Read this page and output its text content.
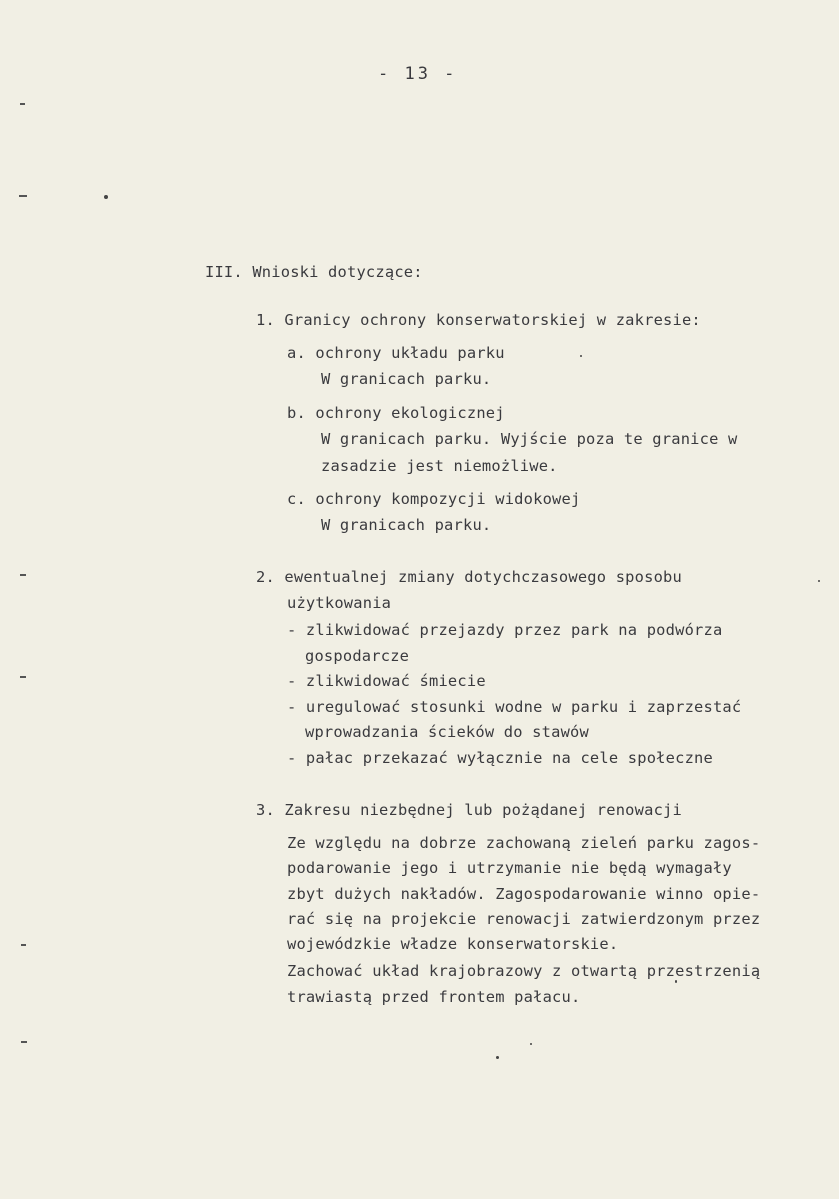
- 13 -
III. Wnioski dotyczące:
1. Granicy ochrony konserwatorskiej w zakresie:
a. ochrony układu parku
W granicach parku.
b. ochrony ekologicznej
W granicach parku. Wyjście poza te granice w
zasadzie jest niemożliwe.
c. ochrony kompozycji widokowej
W granicach parku.
2. ewentualnej zmiany dotychczasowego sposobu
użytkowania
- zlikwidować przejazdy przez park na podwórza
gospodarcze
- zlikwidować śmiecie
- uregulować stosunki wodne w parku i zaprzestać
wprowadzania ścieków do stawów
- pałac przekazać wyłącznie na cele społeczne
3. Zakresu niezbędnej lub pożądanej renowacji
Ze względu na dobrze zachowaną zieleń parku zagos-
podarowanie jego i utrzymanie nie będą wymagały
zbyt dużych nakładów. Zagospodarowanie winno opie-
rać się na projekcie renowacji zatwierdzonym przez
wojewódzkie władze konserwatorskie.
Zachować układ krajobrazowy z otwartą przestrzenią
trawiastą przed frontem pałacu.
